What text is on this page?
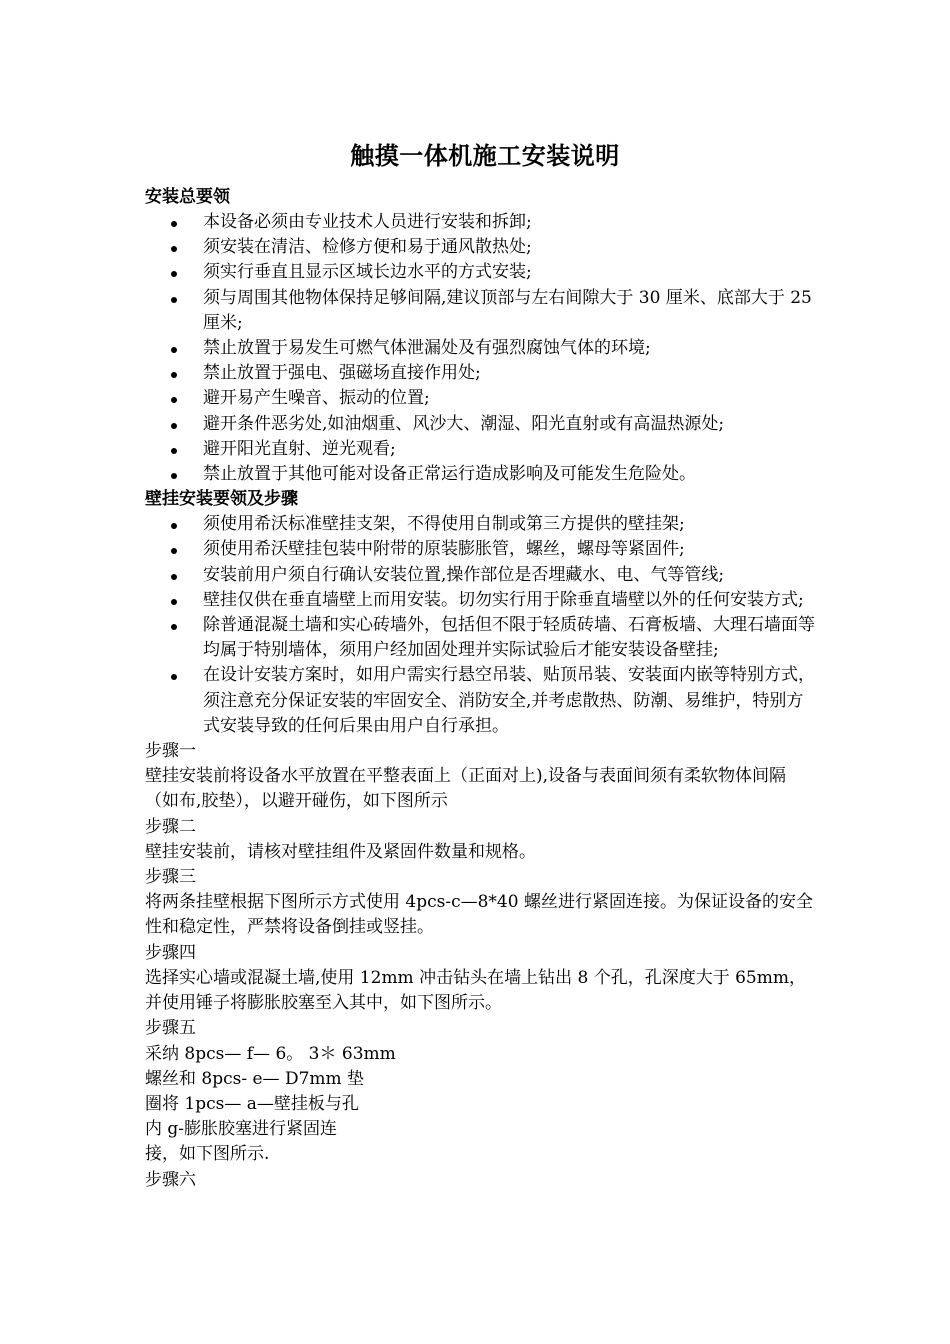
触摸一体机施工安装说明
安装总要领
本设备必须由专业技术人员进行安装和拆卸;
须安装在清洁、检修方便和易于通风散热处;
须实行垂直且显示区域长边水平的方式安装;
须与周围其他物体保持足够间隔,建议顶部与左右间隙大于 30 厘米、底部大于 25 厘米;
禁止放置于易发生可燃气体泄漏处及有强烈腐蚀气体的环境;
禁止放置于强电、强磁场直接作用处;
避开易产生噪音、振动的位置;
避开条件恶劣处,如油烟重、风沙大、潮湿、阳光直射或有高温热源处;
避开阳光直射、逆光观看;
禁止放置于其他可能对设备正常运行造成影响及可能发生危险处。
壁挂安装要领及步骤
须使用希沃标准壁挂支架，不得使用自制或第三方提供的壁挂架;
须使用希沃壁挂包装中附带的原装膨胀管，螺丝，螺母等紧固件;
安装前用户须自行确认安装位置,操作部位是否埋藏水、电、气等管线;
壁挂仅供在垂直墙壁上而用安装。切勿实行用于除垂直墙壁以外的任何安装方式;
除普通混凝土墙和实心砖墙外，包括但不限于轻质砖墙、石膏板墙、大理石墙面等均属于特别墙体，须用户经加固处理并实际试验后才能安装设备壁挂;
在设计安装方案时，如用户需实行悬空吊装、贴顶吊装、安装面内嵌等特别方式，须注意充分保证安装的牢固安全、消防安全,并考虑散热、防潮、易维护，特别方式安装导致的任何后果由用户自行承担。
步骤一
壁挂安装前将设备水平放置在平整表面上（正面对上),设备与表面间须有柔软物体间隔（如布,胶垫），以避开碰伤，如下图所示
步骤二
壁挂安装前，请核对壁挂组件及紧固件数量和规格。
步骤三
将两条挂壁根据下图所示方式使用 4pcs-c—8*40 螺丝进行紧固连接。为保证设备的安全性和稳定性，严禁将设备倒挂或竖挂。
步骤四
选择实心墙或混凝土墙,使用 12mm 冲击钻头在墙上钻出 8 个孔，孔深度大于 65mm，并使用锤子将膨胀胶塞至入其中，如下图所示。
步骤五
采纳 8pcs— f— 6。 3＊ 63mm
螺丝和 8pcs- e— D7mm 垫
圈将 1pcs— a—壁挂板与孔
内 g-膨胀胶塞进行紧固连
接，如下图所示.
步骤六
